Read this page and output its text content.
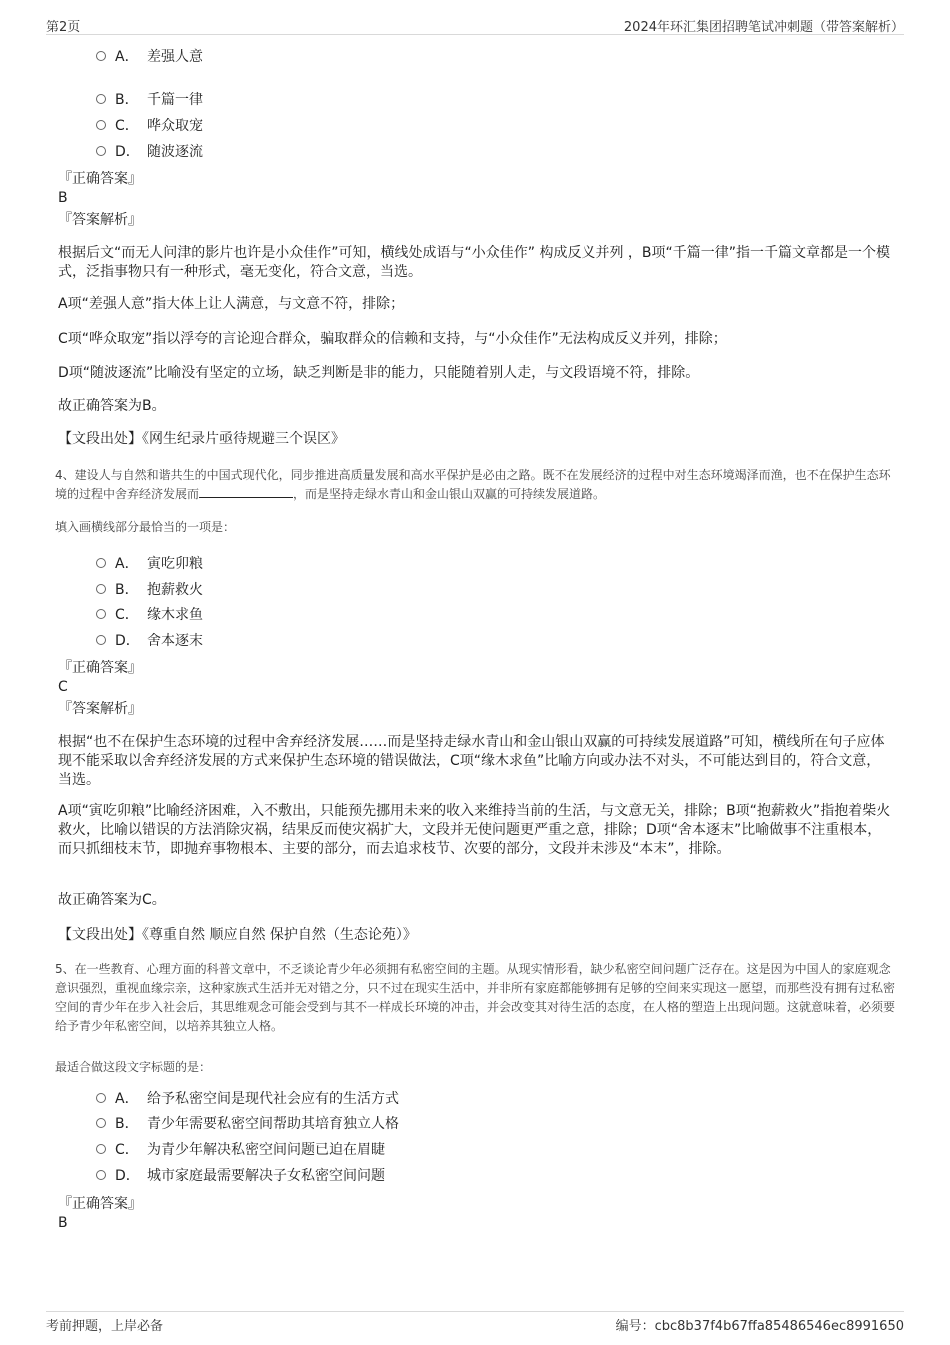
第2页	2024年环汇集团招聘笔试冲刺题（带答案解析）
A． 差强人意
B． 千篇一律
C． 哗众取宠
D． 随波逐流
『正确答案』
B
『答案解析』
根据后文“而无人问津的影片也许是小众佳作”可知，横线处成语与“小众佳作” 构成反义并列 ，B项“千篇一律”指一千篇文章都是一个模式，泛指事物只有一种形式，毫无变化，符合文意，当选。
A项“差强人意”指大体上让人满意，与文意不符，排除；
C项“哗众取宠”指以浮夸的言论迎合群众，骗取群众的信赖和支持，与“小众佳作”无法构成反义并列，排除；
D项“随波逐流”比喻没有坚定的立场，缺乏判断是非的能力，只能随着别人走，与文段语境不符，排除。
故正确答案为B。
【文段出处】《网生纪录片亟待规避三个误区》
4、建设人与自然和谐共生的中国式现代化，同步推进高质量发展和高水平保护是必由之路。既不在发展经济的过程中对生态环境竭泽而渔，也不在保护生态环境的过程中舍弃经济发展而	，而是坚持走绿水青山和金山银山双赢的可持续发展道路。
填入画横线部分最恰当的一项是：
A． 寅吃卯粮
B． 抱薪救火
C． 缘木求鱼
D． 舍本逐末
『正确答案』
C
『答案解析』
根据“也不在保护生态环境的过程中舍弃经济发展……而是坚持走绿水青山和金山银山双赢的可持续发展道路”可知，横线所在句子应体现不能采取以舍弃经济发展的方式来保护生态环境的错误做法，C项“缘木求鱼”比喻方向或办法不对头，不可能达到目的，符合文意，当选。
A项“寅吃卯粮”比喻经济困难，入不敷出，只能预先挪用未来的收入来维持当前的生活，与文意无关，排除；B项“抱薪救火”指抱着柴火救火，比喻以错误的方法消除灾祸，结果反而使灾祸扩大，文段并无使问题更严重之意，排除；D项“舍本逐末”比喻做事不注重根本，而只抓细枝末节，即抛弃事物根本、主要的部分，而去追求枝节、次要的部分，文段并未涉及“本末”，排除。
故正确答案为C。
【文段出处】《尊重自然 顺应自然 保护自然（生态论苑）》
5、在一些教育、心理方面的科普文章中，不乏谈论青少年必须拥有私密空间的主题。从现实情形看，缺少私密空间问题广泛存在。这是因为中国人的家庭观念意识强烈，重视血缘宗亲，这种家族式生活并无对错之分，只不过在现实生活中，并非所有家庭都能够拥有足够的空间来实现这一愿望，而那些没有拥有过私密空间的青少年在步入社会后，其思维观念可能会受到与其不一样成长环境的冲击，并会改变其对待生活的态度，在人格的塑造上出现问题。这就意味着，必须要给予青少年私密空间，以培养其独立人格。
最适合做这段文字标题的是：
A． 给予私密空间是现代社会应有的生活方式
B． 青少年需要私密空间帮助其培育独立人格
C． 为青少年解决私密空间问题已迫在眉睫
D． 城市家庭最需要解决子女私密空间问题
『正确答案』
B
考前押题，上岸必备	编号：cbc8b37f4b67ffa85486546ec8991650
